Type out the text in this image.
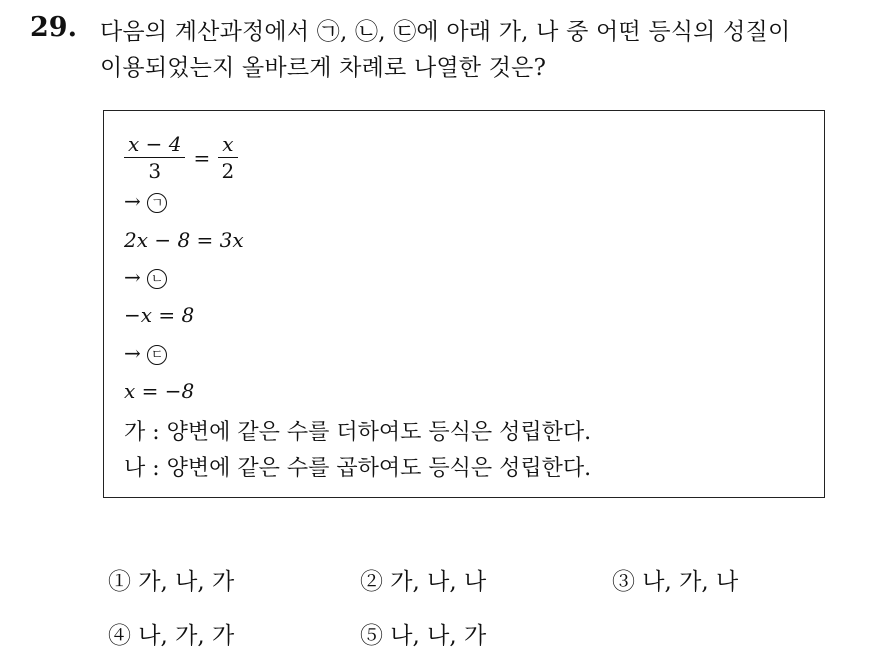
29. 다음의 계산과정에서 ㉠, ㉡, ㉢에 아래 가, 나 중 어떤 등식의 성질이
이용되었는지 올바르게 차례로 나열한 것은?
$\frac{x - 4}{3} = \frac{x}{2}$
→ ㄱ
2x − 8 = 3x
→ ㄴ
−x = 8
→ ㄷ
x = −8
가 : 양변에 같은 수를 더하여도 등식은 성립한다.
나 : 양변에 같은 수를 곱하여도 등식은 성립한다.
① 가, 나, 가	② 가, 나, 나	③ 나, 가, 나
④ 나, 가, 가	⑤ 나, 나, 가
